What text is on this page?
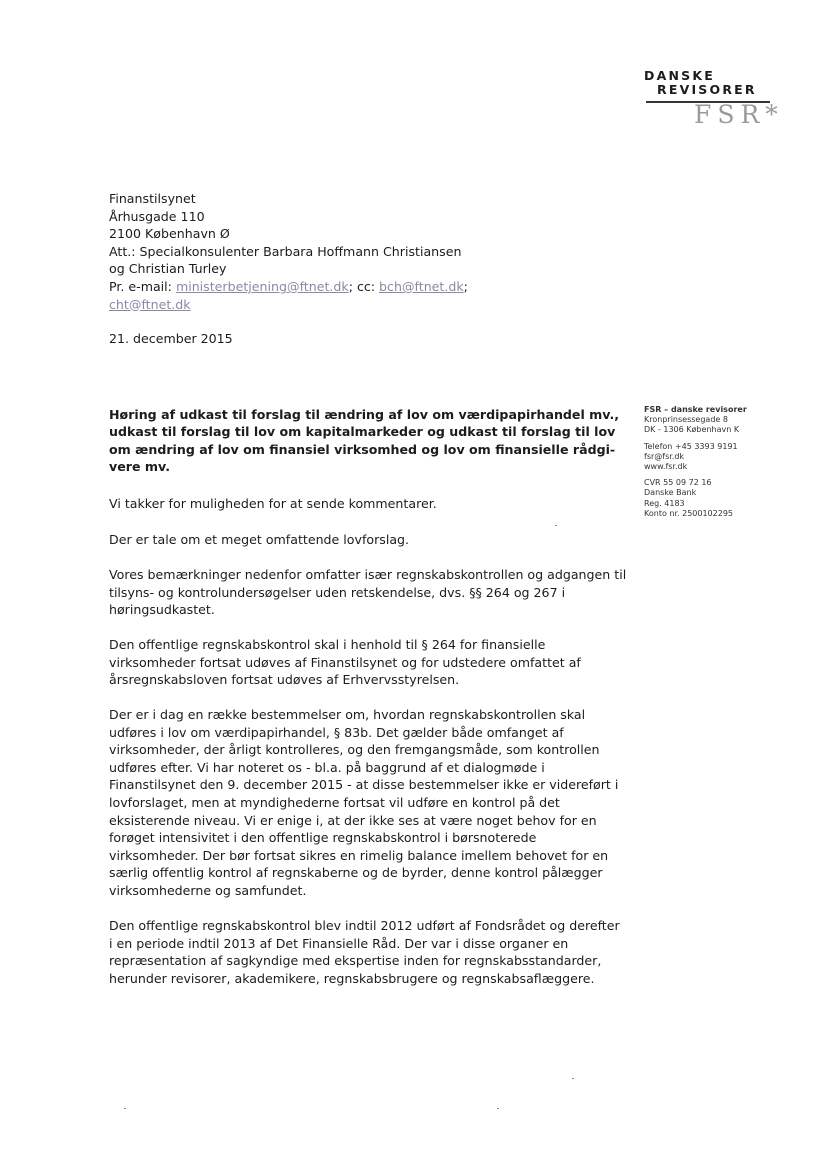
DANSKE
REVISORER
FSR*
Finanstilsynet
Århusgade 110
2100 København Ø
Att.: Specialkonsulenter Barbara Hoffmann Christiansen
og Christian Turley
Pr. e-mail: ministerbetjening@ftnet.dk; cc: bch@ftnet.dk;
cht@ftnet.dk
21. december 2015
Høring af udkast til forslag til ændring af lov om værdipapirhandel mv.,
udkast til forslag til lov om kapitalmarkeder og udkast til forslag til lov
om ændring af lov om finansiel virksomhed og lov om finansielle rådgi-
vere mv.
FSR – danske revisorer
Kronprinsessegade 8
DK - 1306 København K
Telefon +45 3393 9191
fsr@fsr.dk
www.fsr.dk
CVR 55 09 72 16
Danske Bank
Reg. 4183
Konto nr. 2500102295
Vi takker for muligheden for at sende kommentarer.
Der er tale om et meget omfattende lovforslag.
Vores bemærkninger nedenfor omfatter især regnskabskontrollen og adgangen til
tilsyns- og kontrolundersøgelser uden retskendelse, dvs. §§ 264 og 267 i
høringsudkastet.
Den offentlige regnskabskontrol skal i henhold til § 264 for finansielle
virksomheder fortsat udøves af Finanstilsynet og for udstedere omfattet af
årsregnskabsloven fortsat udøves af Erhvervsstyrelsen.
Der er i dag en række bestemmelser om, hvordan regnskabskontrollen skal
udføres i lov om værdipapirhandel, § 83b. Det gælder både omfanget af
virksomheder, der årligt kontrolleres, og den fremgangsmåde, som kontrollen
udføres efter. Vi har noteret os - bl.a. på baggrund af et dialogmøde i
Finanstilsynet den 9. december 2015 - at disse bestemmelser ikke er videreført i
lovforslaget, men at myndighederne fortsat vil udføre en kontrol på det
eksisterende niveau. Vi er enige i, at der ikke ses at være noget behov for en
forøget intensivitet i den offentlige regnskabskontrol i børsnoterede
virksomheder. Der bør fortsat sikres en rimelig balance imellem behovet for en
særlig offentlig kontrol af regnskaberne og de byrder, denne kontrol pålægger
virksomhederne og samfundet.
Den offentlige regnskabskontrol blev indtil 2012 udført af Fondsrådet og derefter
i en periode indtil 2013 af Det Finansielle Råd. Der var i disse organer en
repræsentation af sagkyndige med ekspertise inden for regnskabsstandarder,
herunder revisorer, akademikere, regnskabsbrugere og regnskabsaflæggere.
